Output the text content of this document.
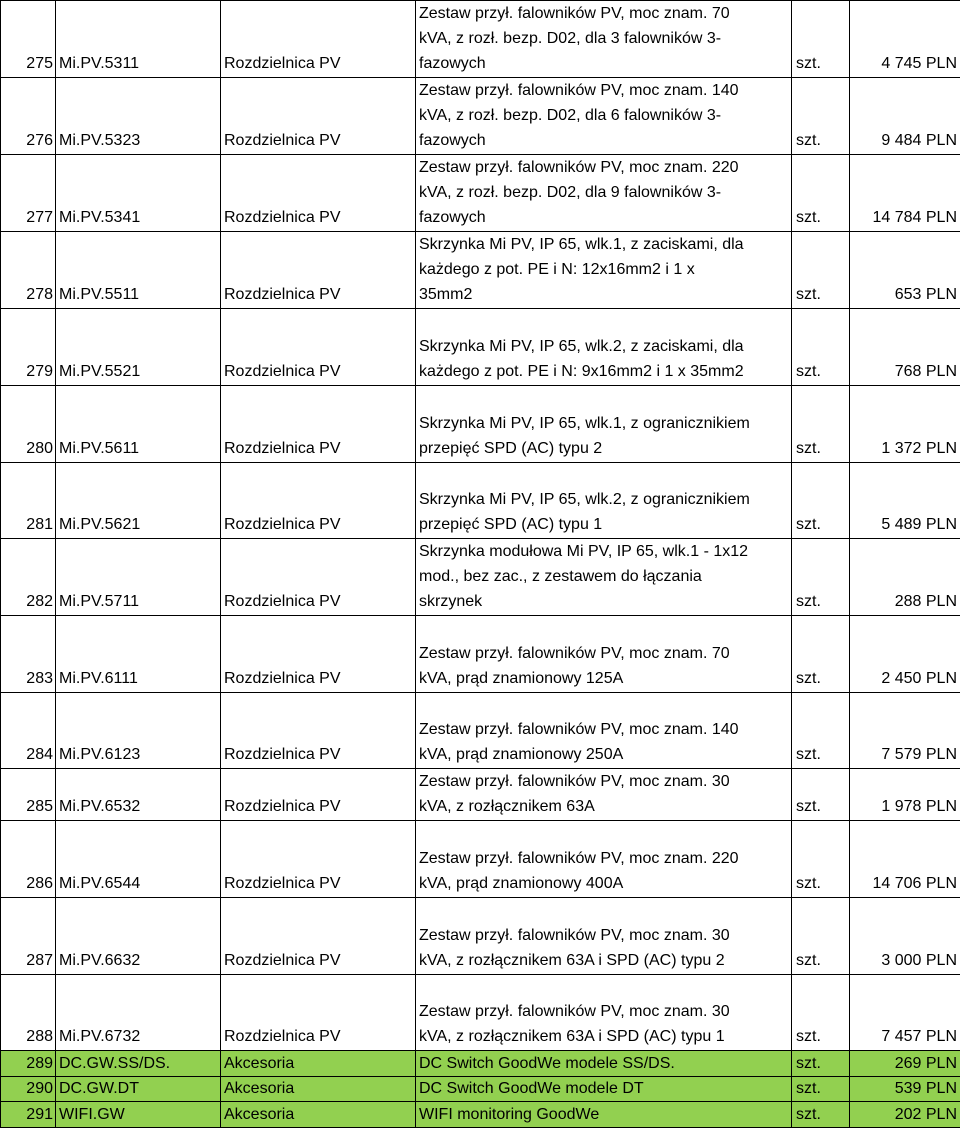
275	Mi.PV.5311	Rozdzielnica PV	Zestaw przył. falowników PV, moc znam. 70
kVA, z rozł. bezp. D02, dla 3 falowników 3-
fazowych	szt.	4 745 PLN
276	Mi.PV.5323	Rozdzielnica PV	Zestaw przył. falowników PV, moc znam. 140
kVA, z rozł. bezp. D02, dla 6 falowników 3-
fazowych	szt.	9 484 PLN
277	Mi.PV.5341	Rozdzielnica PV	Zestaw przył. falowników PV, moc znam. 220
kVA, z rozł. bezp. D02, dla 9 falowników 3-
fazowych	szt.	14 784 PLN
278	Mi.PV.5511	Rozdzielnica PV	Skrzynka Mi PV, IP 65, wlk.1, z zaciskami, dla
każdego z pot. PE i N: 12x16mm2 i 1 x
35mm2	szt.	653 PLN
279	Mi.PV.5521	Rozdzielnica PV	Skrzynka Mi PV, IP 65, wlk.2, z zaciskami, dla
każdego z pot. PE i N: 9x16mm2 i 1 x 35mm2	szt.	768 PLN
280	Mi.PV.5611	Rozdzielnica PV	Skrzynka Mi PV, IP 65, wlk.1, z ogranicznikiem
przepięć SPD (AC) typu 2	szt.	1 372 PLN
281	Mi.PV.5621	Rozdzielnica PV	Skrzynka Mi PV, IP 65, wlk.2, z ogranicznikiem
przepięć SPD (AC) typu 1	szt.	5 489 PLN
282	Mi.PV.5711	Rozdzielnica PV	Skrzynka modułowa Mi PV, IP 65, wlk.1 - 1x12
mod., bez zac., z zestawem do łączania
skrzynek	szt.	288 PLN
283	Mi.PV.6111	Rozdzielnica PV	Zestaw przył. falowników PV, moc znam. 70
kVA, prąd znamionowy 125A	szt.	2 450 PLN
284	Mi.PV.6123	Rozdzielnica PV	Zestaw przył. falowników PV, moc znam. 140
kVA, prąd znamionowy 250A	szt.	7 579 PLN
285	Mi.PV.6532	Rozdzielnica PV	Zestaw przył. falowników PV, moc znam. 30
kVA, z rozłącznikem 63A	szt.	1 978 PLN
286	Mi.PV.6544	Rozdzielnica PV	Zestaw przył. falowników PV, moc znam. 220
kVA, prąd znamionowy 400A	szt.	14 706 PLN
287	Mi.PV.6632	Rozdzielnica PV	Zestaw przył. falowników PV, moc znam. 30
kVA, z rozłącznikem 63A i SPD (AC) typu 2	szt.	3 000 PLN
288	Mi.PV.6732	Rozdzielnica PV	Zestaw przył. falowników PV, moc znam. 30
kVA, z rozłącznikem 63A i SPD (AC) typu 1	szt.	7 457 PLN
289	DC.GW.SS/DS.	Akcesoria	DC Switch GoodWe modele SS/DS.	szt.	269 PLN
290	DC.GW.DT	Akcesoria	DC Switch GoodWe modele DT	szt.	539 PLN
291	WIFI.GW	Akcesoria	WIFI monitoring GoodWe	szt.	202 PLN
